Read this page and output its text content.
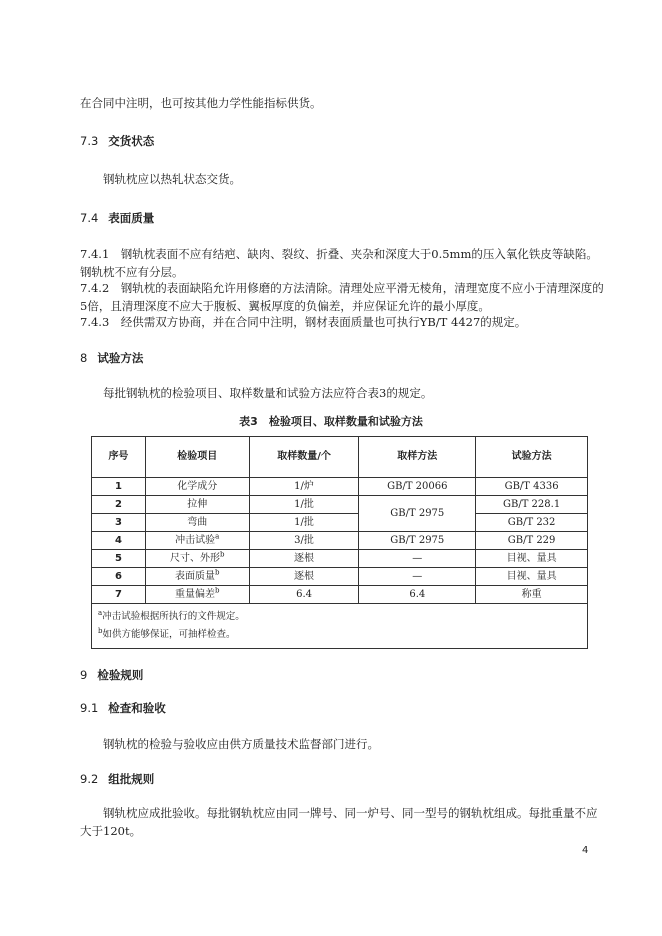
在合同中注明，也可按其他力学性能指标供货。
7.3 交货状态
钢轨枕应以热轧状态交货。
7.4 表面质量
7.4.1　钢轨枕表面不应有结疤、缺肉、裂纹、折叠、夹杂和深度大于0.5mm的压入氧化铁皮等缺陷。钢轨枕不应有分层。
7.4.2　钢轨枕的表面缺陷允许用修磨的方法清除。清理处应平滑无棱角，清理宽度不应小于清理深度的5倍，且清理深度不应大于腹板、翼板厚度的负偏差，并应保证允许的最小厚度。
7.4.3　经供需双方协商，并在合同中注明，钢材表面质量也可执行YB/T 4427的规定。
8 试验方法
每批钢轨枕的检验项目、取样数量和试验方法应符合表3的规定。
表3　检验项目、取样数量和试验方法
序号	检验项目	取样数量/个	取样方法	试验方法
1	化学成分	1/炉	GB/T 20066	GB/T 4336
2	拉伸	1/批	GB/T 2975	GB/T 228.1
3	弯曲	1/批		GB/T 232
4	冲击试验$^a$	3/批	GB/T 2975	GB/T 229
5	尺寸、外形$^b$	逐根	—	目视、量具
6	表面质量$^b$	逐根	—	目视、量具
7	重量偏差$^b$	6.4	6.4	称重

$^a$冲击试验根据所执行的文件规定。
$^b$如供方能够保证，可抽样检查。				
9 检验规则
9.1 检查和验收
钢轨枕的检验与验收应由供方质量技术监督部门进行。
9.2 组批规则
钢轨枕应成批验收。每批钢轨枕应由同一牌号、同一炉号、同一型号的钢轨枕组成。每批重量不应大于120t。
4
